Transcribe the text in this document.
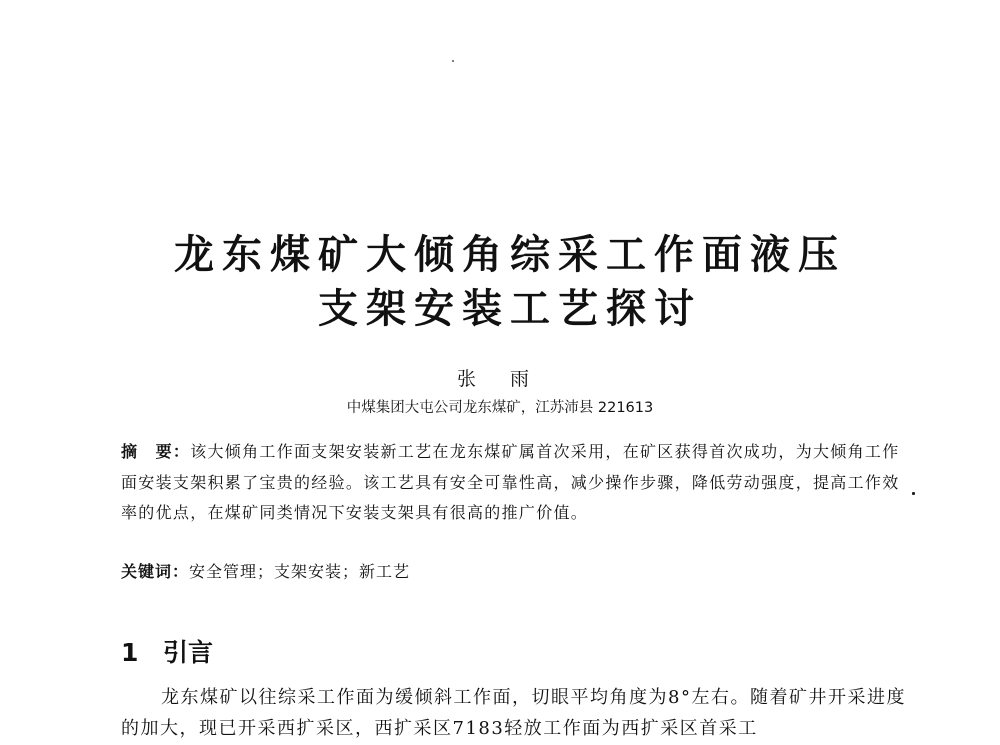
龙东煤矿大倾角综采工作面液压
支架安装工艺探讨
张 雨
中煤集团大屯公司龙东煤矿，江苏沛县 221613
摘　要：该大倾角工作面支架安装新工艺在龙东煤矿属首次采用，在矿区获得首次成功，为大倾角工作面安装支架积累了宝贵的经验。该工艺具有安全可靠性高，减少操作步骤，降低劳动强度，提高工作效率的优点，在煤矿同类情况下安装支架具有很高的推广价值。
关键词：安全管理；支架安装；新工艺
1 引言
龙东煤矿以往综采工作面为缓倾斜工作面，切眼平均角度为8°左右。随着矿井开采进度的加大，现已开采西扩采区，西扩采区7183轻放工作面为西扩采区首采工
